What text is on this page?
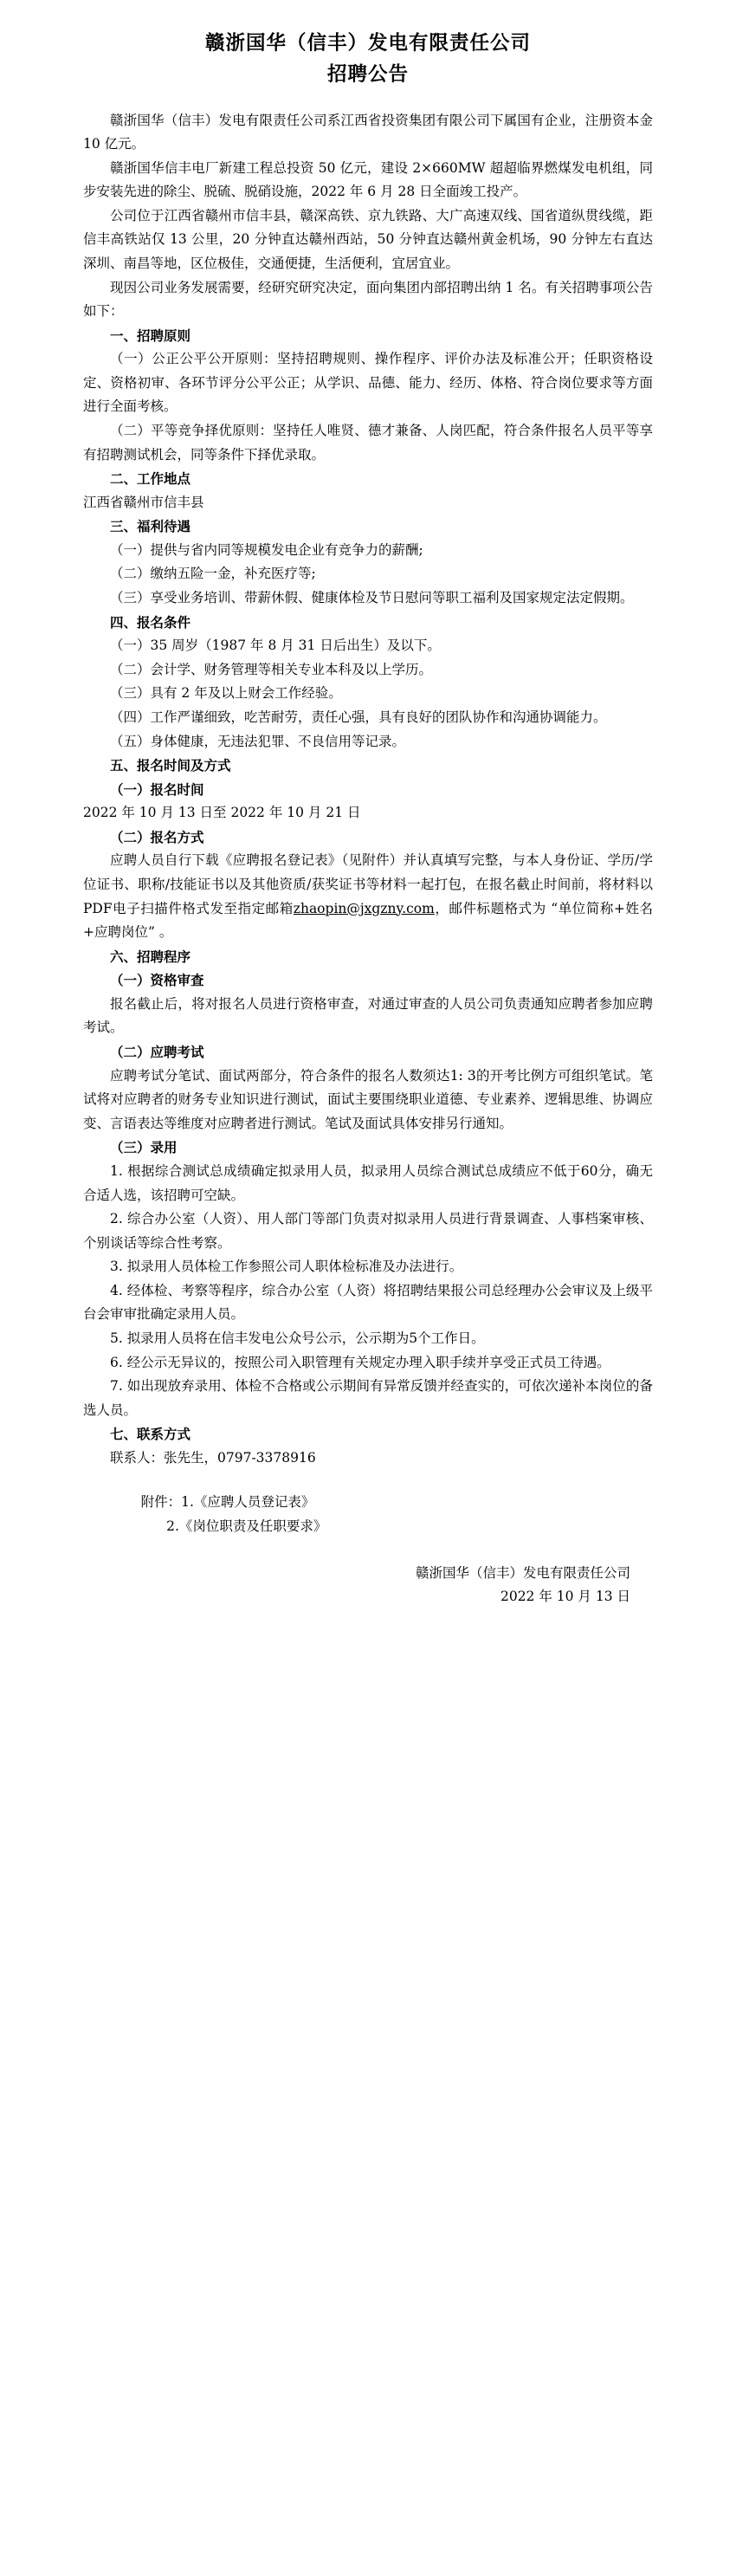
赣浙国华（信丰）发电有限责任公司
招聘公告

赣浙国华（信丰）发电有限责任公司系江西省投资集团有限公司下属国有企业，注册资本金 10 亿元。

赣浙国华信丰电厂新建工程总投资 50 亿元，建设 2×660MW 超超临界燃煤发电机组，同步安装先进的除尘、脱硫、脱硝设施，2022 年 6 月 28 日全面竣工投产。

公司位于江西省赣州市信丰县，赣深高铁、京九铁路、大广高速双线、国省道纵贯线缆，距信丰高铁站仅 13 公里，20 分钟直达赣州西站，50 分钟直达赣州黄金机场，90 分钟左右直达深圳、南昌等地，区位极佳，交通便捷，生活便利，宜居宜业。

现因公司业务发展需要，经研究研究决定，面向集团内部招聘出纳 1 名。有关招聘事项公告如下：

一、招聘原则

（一）公正公平公开原则：坚持招聘规则、操作程序、评价办法及标准公开；任职资格设定、资格初审、各环节评分公平公正；从学识、品德、能力、经历、体格、符合岗位要求等方面进行全面考核。

（二）平等竞争择优原则：坚持任人唯贤、德才兼备、人岗匹配，符合条件报名人员平等享有招聘测试机会，同等条件下择优录取。

二、工作地点

江西省赣州市信丰县

三、福利待遇

（一）提供与省内同等规模发电企业有竞争力的薪酬;

（二）缴纳五险一金，补充医疗等;

（三）享受业务培训、带薪休假、健康体检及节日慰问等职工福利及国家规定法定假期。

四、报名条件

（一）35 周岁（1987 年 8 月 31 日后出生）及以下。

（二）会计学、财务管理等相关专业本科及以上学历。

（三）具有 2 年及以上财会工作经验。

（四）工作严谨细致，吃苦耐劳，责任心强，具有良好的团队协作和沟通协调能力。

（五）身体健康，无违法犯罪、不良信用等记录。

五、报名时间及方式

（一）报名时间

2022 年 10 月 13 日至 2022 年 10 月 21 日

（二）报名方式

应聘人员自行下载《应聘报名登记表》（见附件）并认真填写完整，与本人身份证、学历/学位证书、职称/技能证书以及其他资质/获奖证书等材料一起打包，在报名截止时间前，将材料以PDF电子扫描件格式发至指定邮箱zhaopin@jxgzny.com，邮件标题格式为 “单位简称+姓名+应聘岗位” 。

六、招聘程序

（一）资格审查

报名截止后，将对报名人员进行资格审查，对通过审查的人员公司负责通知应聘者参加应聘考试。

（二）应聘考试

应聘考试分笔试、面试两部分，符合条件的报名人数须达1: 3的开考比例方可组织笔试。笔试将对应聘者的财务专业知识进行测试，面试主要围绕职业道德、专业素养、逻辑思维、协调应变、言语表达等维度对应聘者进行测试。笔试及面试具体安排另行通知。

（三）录用

1. 根据综合测试总成绩确定拟录用人员，拟录用人员综合测试总成绩应不低于60分，确无合适人选，该招聘可空缺。

2. 综合办公室（人资）、用人部门等部门负责对拟录用人员进行背景调查、人事档案审核、个别谈话等综合性考察。

3. 拟录用人员体检工作参照公司人职体检标准及办法进行。

4. 经体检、考察等程序，综合办公室（人资）将招聘结果报公司总经理办公会审议及上级平台会审审批确定录用人员。

5. 拟录用人员将在信丰发电公众号公示，公示期为5个工作日。

6. 经公示无异议的，按照公司入职管理有关规定办理入职手续并享受正式员工待遇。

7. 如出现放弃录用、体检不合格或公示期间有异常反馈并经查实的，可依次递补本岗位的备选人员。

七、联系方式

联系人：张先生，0797-3378916

附件：1.《应聘人员登记表》

2.《岗位职责及任职要求》

赣浙国华（信丰）发电有限责任公司

2022 年 10 月 13 日
